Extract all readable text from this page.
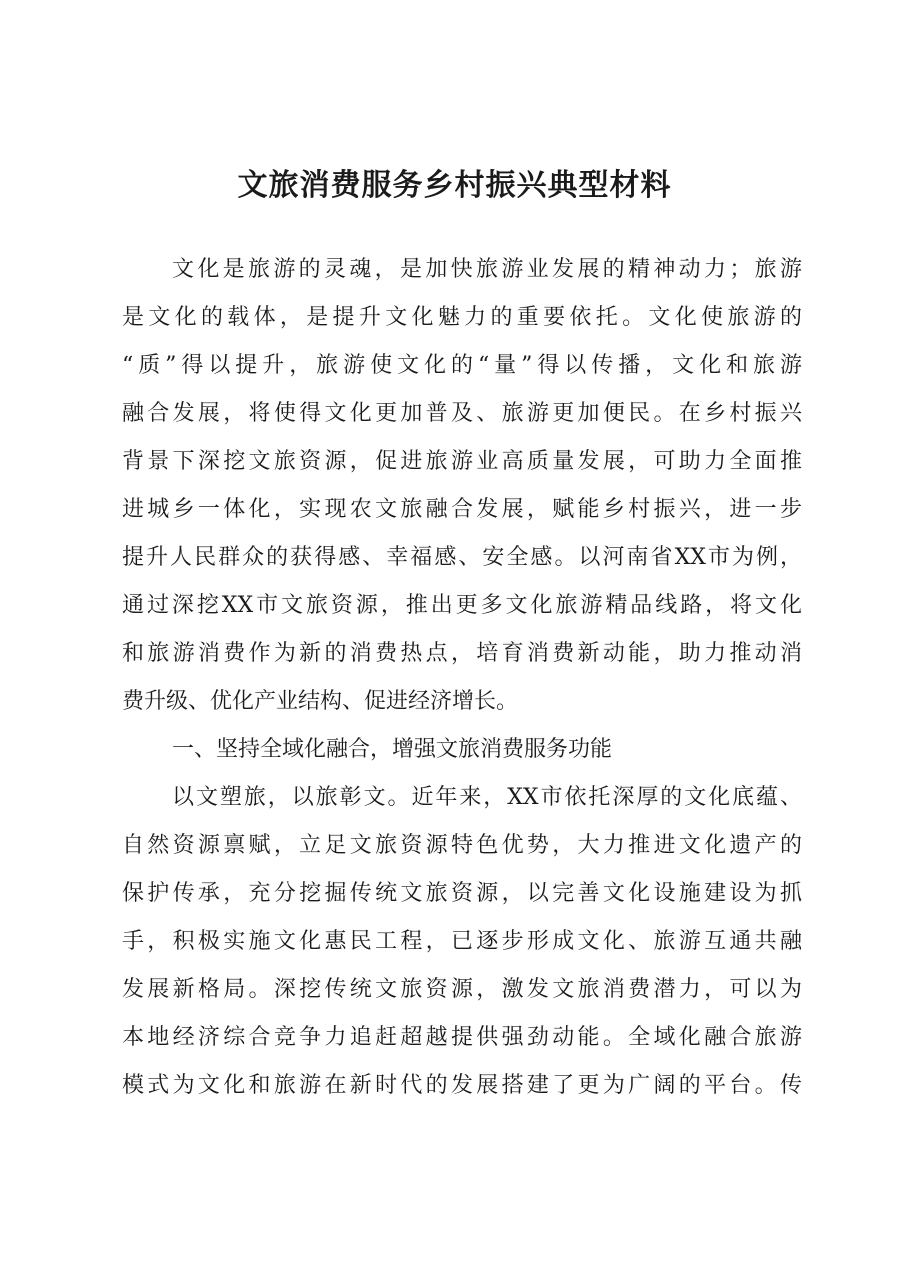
文旅消费服务乡村振兴典型材料
文化是旅游的灵魂，是加快旅游业发展的精神动力；旅游
是文化的载体，是提升文化魅力的重要依托。文化使旅游的
“质”得以提升，旅游使文化的“量”得以传播，文化和旅游
融合发展，将使得文化更加普及、旅游更加便民。在乡村振兴
背景下深挖文旅资源，促进旅游业高质量发展，可助力全面推
进城乡一体化，实现农文旅融合发展，赋能乡村振兴，进一步
提升人民群众的获得感、幸福感、安全感。以河南省XX市为例，
通过深挖XX市文旅资源，推出更多文化旅游精品线路，将文化
和旅游消费作为新的消费热点，培育消费新动能，助力推动消
费升级、优化产业结构、促进经济增长。
一、坚持全域化融合，增强文旅消费服务功能
以文塑旅，以旅彰文。近年来，XX市依托深厚的文化底蕴、
自然资源禀赋，立足文旅资源特色优势，大力推进文化遗产的
保护传承，充分挖掘传统文旅资源，以完善文化设施建设为抓
手，积极实施文化惠民工程，已逐步形成文化、旅游互通共融
发展新格局。深挖传统文旅资源，激发文旅消费潜力，可以为
本地经济综合竞争力追赶超越提供强劲动能。全域化融合旅游
模式为文化和旅游在新时代的发展搭建了更为广阔的平台。传
